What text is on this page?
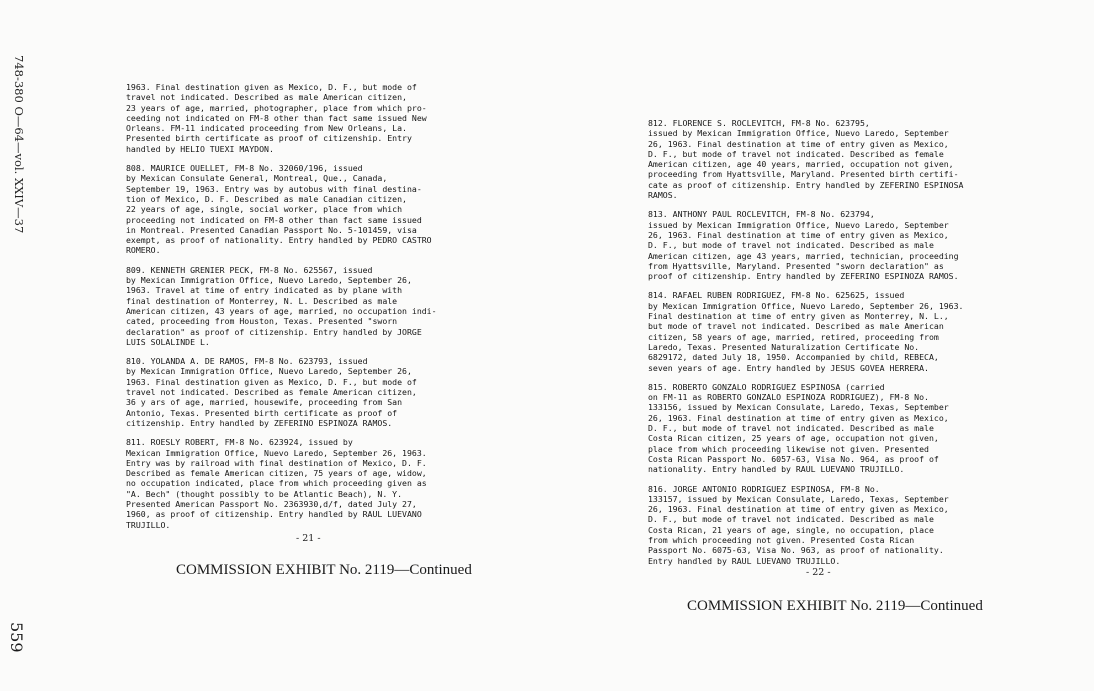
748-380 O—64—vol. XXIV—37
559
1963. Final destination given as Mexico, D. F., but mode of
travel not indicated. Described as male American citizen,
23 years of age, married, photographer, place from which pro-
ceeding not indicated on FM-8 other than fact same issued New
Orleans. FM-11 indicated proceeding from New Orleans, La.
Presented birth certificate as proof of citizenship. Entry
handled by HELIO TUEXI MAYDON.
808. MAURICE OUELLET, FM-8 No. 32060/196, issued
by Mexican Consulate General, Montreal, Que., Canada,
September 19, 1963. Entry was by autobus with final destina-
tion of Mexico, D. F. Described as male Canadian citizen,
22 years of age, single, social worker, place from which
proceeding not indicated on FM-8 other than fact same issued
in Montreal. Presented Canadian Passport No. 5-101459, visa
exempt, as proof of nationality. Entry handled by PEDRO CASTRO
ROMERO.
809. KENNETH GRENIER PECK, FM-8 No. 625567, issued
by Mexican Immigration Office, Nuevo Laredo, September 26,
1963. Travel at time of entry indicated as by plane with
final destination of Monterrey, N. L. Described as male
American citizen, 43 years of age, married, no occupation indi-
cated, proceeding from Houston, Texas. Presented "sworn
declaration" as proof of citizenship. Entry handled by JORGE
LUIS SOLALINDE L.
810. YOLANDA A. DE RAMOS, FM-8 No. 623793, issued
by Mexican Immigration Office, Nuevo Laredo, September 26,
1963. Final destination given as Mexico, D. F., but mode of
travel not indicated. Described as female American citizen,
36 y ars of age, married, housewife, proceeding from San
Antonio, Texas. Presented birth certificate as proof of
citizenship. Entry handled by ZEFERINO ESPINOZA RAMOS.
811. ROESLY ROBERT, FM-8 No. 623924, issued by
Mexican Immigration Office, Nuevo Laredo, September 26, 1963.
Entry was by railroad with final destination of Mexico, D. F.
Described as female American citizen, 75 years of age, widow,
no occupation indicated, place from which proceeding given as
"A. Bech" (thought possibly to be Atlantic Beach), N. Y.
Presented American Passport No. 2363930,d/f, dated July 27,
1960, as proof of citizenship. Entry handled by RAUL LUEVANO
TRUJILLO.
812. FLORENCE S. ROCLEVITCH, FM-8 No. 623795,
issued by Mexican Immigration Office, Nuevo Laredo, September
26, 1963. Final destination at time of entry given as Mexico,
D. F., but mode of travel not indicated. Described as female
American citizen, age 40 years, married, occupation not given,
proceeding from Hyattsville, Maryland. Presented birth certifi-
cate as proof of citizenship. Entry handled by ZEFERINO ESPINOSA
RAMOS.
813. ANTHONY PAUL ROCLEVITCH, FM-8 No. 623794,
issued by Mexican Immigration Office, Nuevo Laredo, September
26, 1963. Final destination at time of entry given as Mexico,
D. F., but mode of travel not indicated. Described as male
American citizen, age 43 years, married, technician, proceeding
from Hyattsville, Maryland. Presented "sworn declaration" as
proof of citizenship. Entry handled by ZEFERINO ESPINOZA RAMOS.
814. RAFAEL RUBEN RODRIGUEZ, FM-8 No. 625625, issued
by Mexican Immigration Office, Nuevo Laredo, September 26, 1963.
Final destination at time of entry given as Monterrey, N. L.,
but mode of travel not indicated. Described as male American
citizen, 58 years of age, married, retired, proceeding from
Laredo, Texas. Presented Naturalization Certificate No.
6829172, dated July 18, 1950. Accompanied by child, REBECA,
seven years of age. Entry handled by JESUS GOVEA HERRERA.
815. ROBERTO GONZALO RODRIGUEZ ESPINOSA (carried
on FM-11 as ROBERTO GONZALO ESPINOZA RODRIGUEZ), FM-8 No.
133156, issued by Mexican Consulate, Laredo, Texas, September
26, 1963. Final destination at time of entry given as Mexico,
D. F., but mode of travel not indicated. Described as male
Costa Rican citizen, 25 years of age, occupation not given,
place from which proceeding likewise not given. Presented
Costa Rican Passport No. 6057-63, Visa No. 964, as proof of
nationality. Entry handled by RAUL LUEVANO TRUJILLO.
816. JORGE ANTONIO RODRIGUEZ ESPINOSA, FM-8 No.
133157, issued by Mexican Consulate, Laredo, Texas, September
26, 1963. Final destination at time of entry given as Mexico,
D. F., but mode of travel not indicated. Described as male
Costa Rican, 21 years of age, single, no occupation, place
from which proceeding not given. Presented Costa Rican
Passport No. 6075-63, Visa No. 963, as proof of nationality.
Entry handled by RAUL LUEVANO TRUJILLO.
- 21 -
COMMISSION EXHIBIT No. 2119—Continued	- 22 -
COMMISSION EXHIBIT No. 2119—Continued
